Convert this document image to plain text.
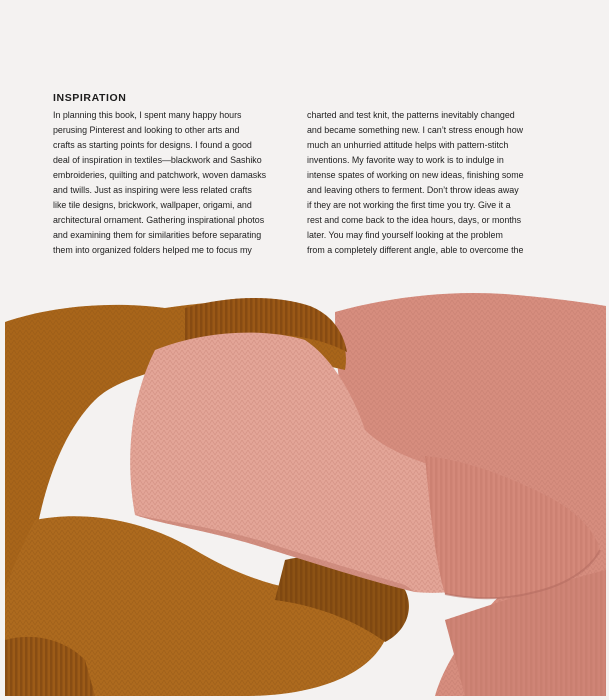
INSPIRATION
In planning this book, I spent many happy hours
perusing Pinterest and looking to other arts and
crafts as starting points for designs. I found a good
deal of inspiration in textiles—blackwork and Sashiko
embroideries, quilting and patchwork, woven damasks
and twills. Just as inspiring were less related crafts
like tile designs, brickwork, wallpaper, origami, and
architectural ornament. Gathering inspirational photos
and examining them for similarities before separating
them into organized folders helped me to focus my
charted and test knit, the patterns inevitably changed
and became something new. I can’t stress enough how
much an unhurried attitude helps with pattern-stitch
inventions. My favorite way to work is to indulge in
intense spates of working on new ideas, finishing some
and leaving others to ferment. Don’t throw ideas away
if they are not working the first time you try. Give it a
rest and come back to the idea hours, days, or months
later. You may find yourself looking at the problem
from a completely different angle, able to overcome the
